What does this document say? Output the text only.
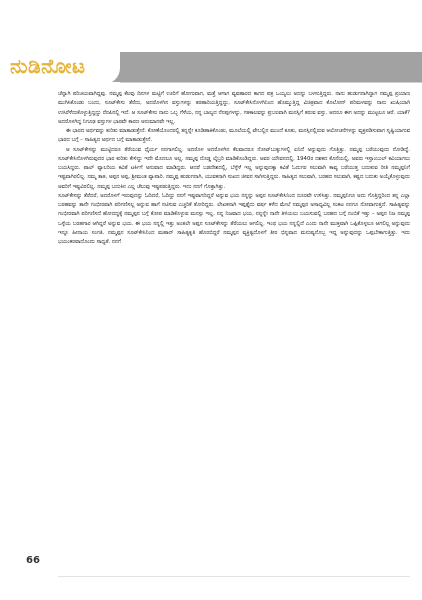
ನುಡಿನೋಟ

ಚೆನ್ನಾಗಿ ಪರಿಚಯವಾಗಿದ್ದವು. ನಮ್ಮಪ್ಪ ಕೆಲವು ದಿನಗಳ ಮಟ್ಟಿಗೆ ಊರಿಗೆ ಹೋಗುವಾಗ, ಮತ್ತೆ ಆಗಾಗ ವ್ಯವಹಾರದ ಕಾಗದ ಪತ್ರ ಒಯ್ಯಲು ಅದನ್ನು ಬಳಸುತ್ತಿದ್ದರು. ನಾನು ಹುಡುಗನಾಗಿದ್ದಾಗ ನಮ್ಮಪ್ಪ ಪ್ರಯಾಣ ಮುಗಿಸಿಕೊಂಡು ಬಂದು, ಸೂಟ್‌ಕೇಸು ತೆರೆದು, ಅದರೊಳಗಿನ ವಸ್ತುಗಳನ್ನು ತರಹಾರಿಯತ್ತಿದ್ದದ್ದು, ಸೂಟ್‌ಕೇಸಿನೊಳಗಿನಿಂದ ಹೊಮ್ಮುತ್ತಿದ್ದ ವಿಚಿತ್ರವಾದ ಕೊಲೋನ್ ಪರಿಮಳವನ್ನು ನಾನು ಖುಷಿಯಾಗಿ ಉಸಿರೆಳೆದುಕೊಳ್ಳುತ್ತಿದ್ದದ್ದು ನೆನಪಿನಲ್ಲಿ ಇದೆ. ಆ ಸೂಟ್‌ಕೇಸು ನಾನು ಒಬ್ಬ ಗೆಳೆಯ, ನನ್ನ ಬಾಲ್ಯದ ನೆನಪುಗಳನ್ನು, ಗತಕಾಲವನ್ನು ಪ್ರಬಲವಾಗಿ ಮನಸ್ಸಿಗೆ ತರುವ ವಸ್ತು. ಆದರೂ ಈಗ ಅದನ್ನು ಮುಟ್ಟಲೂ ಆರೆ. ಯಾಕೆ? ಅದರೊಳಗಿದ್ದ ನಿಗೂಢ ವಸ್ತುಗಳ ಭಾರವೇ ಕಾರಣ ಅನುಮಾನವೇ ಇಲ್ಲ.

ಈ ಭಾರದ ಅರ್ಥವನ್ನು ಕುರಿತು ಮಾತಾಡುತ್ತೇನೆ. ಕೋಣೆಯೊಂದರಲ್ಲಿ ತನ್ನನ್ನೇ ಕೂಡಿಹಾಕಿಕೊಂಡು, ಮೂಲೆಯಲ್ಲಿ ಟೇಬಲ್ಲಿನ ಮುಂದೆ ಕೂತು, ಮನಸ್ಸಿನಲ್ಲಿರುವ ಆಲೋಚನೆಗಳನ್ನು ವ್ಯಕ್ತಪಡಿಸುವಾಗ ಸೃಷ್ಟಿಯಾಗುವ ಭಾರದ ಬಗ್ಗೆ – ಸಾಹಿತ್ಯದ ಅರ್ಥದ ಬಗ್ಗೆ ಮಾತಾಡುತ್ತೇನೆ.

ಆ ಸೂಟ್‌ಕೇಸನ್ನು ಮುಟ್ಟಿದರೂ ತೆರೆಯುವ ಧೈರ್ಯ ನನಗಾಗಲಿಲ್ಲ. ಅದರೊಳ ಅದರೊಳಗಿನ ಕೆಲವಾದರೂ ನೋಟ್‌ಬುಕ್ಕುಗಳಲ್ಲಿ ಏನಿದೆ ಅನ್ನುವುದು ಗೊತ್ತಿತ್ತು. ನಮ್ಮಪ್ಪ ಬರೆಯುವುದು ನೋಡಿದ್ದೆ. ಸೂಟ್‌ಕೇಸಿನೊಳಗಿರುವುದರ ಭಾರ ಕುರಿತು ಕೇಳಿದ್ದು ಇದೇ ಮೊದಲೂ ಅಲ್ಲ. ನಮ್ಮಪ್ಪ ದೊಡ್ಡ ಲೈಬ್ರರಿ ಮಾಡಿಕೊಂಡಿದ್ದರು. ಅವರ ಯೌವನದಲ್ಲಿ, 1940ರ ದಶಕದ ಕೊನೆಯಲ್ಲಿ, ಅವರು ಇಸ್ತಾಂಬುಲ್ ಕವಿಯಾಗಲು ಬಯಸಿದ್ದರು. ಪಾಲ್ ವ್ಯಾಲರಿಯ ಕವಿತೆ ಟರ್ಕಿಗೆ ಅನುವಾದ ಮಾಡಿದ್ದರು. ಆದರೆ ಬಡದೇಶದಲ್ಲಿ, ಬೆಳ್ಳೆಳೆ ಇಲ್ಲ ಅನ್ನುವುದಕ್ಕಾ ಕವಿತೆ ಓದುಗರ ಸಲುವಾಗಿ ಕಾವ್ಯ ಬರೆಯುತ್ತ ಬದುಕುವ ರೀತಿ ನಮ್ಮಪ್ಪನಿಗೆ ಇಷ್ಟವಾಗಿರಲಿಲ್ಲ. ನಮ್ಮ ತಾತ, ಅಪ್ಪನ ಅಪ್ಪ, ಶ್ರೀಮಂತ ವ್ಯಾಪಾರಿ. ನಮ್ಮಪ್ಪ ಹುಡುಗನಾಗಿ, ಯುವಕನಾಗಿ ಸುಖದ ಜೀವನ ಸಾಗಿಸುತ್ತಿದ್ದರು. ಸಾಹಿತ್ಯದ ಸಲುವಾಗಿ, ಬರಹದ ಸಲುವಾಗಿ, ಕಷ್ಟದ ಬದುಕು ಅಯ್ಕೆಕೊಳ್ಳುವುದು ಅವರಿಗೆ ಇಷ್ಟವಿರಲಿಲ್ಲ. ನಮ್ಮಪ್ಪ ಬದುಕಿನ ಎಲ್ಲ ಚೆಲುವು ಇಷ್ಟಪಡುತ್ತಿದ್ದರು. ಇದು ನನಗೆ ಗೊತ್ತಾಗಿತ್ತು.

ಸೂಟ್‌ಕೇಸನ್ನು ತೆರೆದರೆ, ಅದರೊಳಗೆ ಇರುವುದನ್ನು ಓದಿದರೆ, ಓದಿದ್ದು ನನಗೆ ಇಷ್ಟವಾಗದಿದ್ದರೆ ಅನ್ನುವ ಭಯ ನನ್ನನ್ನು ಅಪ್ಪನ ಸೂಟ್‌ಕೇಸಿನಿಂದ ದೂರವೇ ಉಳಿಸಿತ್ತು. ನಮ್ಮಪ್ಪನಿಗೂ ಅದು ಗೊತ್ತಿದ್ದರಿಂದ ತನ್ನ ಎಲ್ಲಾ ಬರಹವನ್ನು ತಾನೇ ಗಂಭೀರವಾಗಿ ಪರಿಗಣಿಸಲ್ಲ ಅನ್ನುವ ಹಾಗೆ ನಟಿಸುವ ಎಚ್ಚರಿಕೆ ತೋರಿದ್ದರು. ಲೇಖಕನಾಗಿ ಇಪ್ಪತ್ತೈದು ವರ್ಷ ಕಳೆದ ಮೇಲೆ ನಮ್ಮಪ್ಪನ ಅಸಾಧ್ಯವಿಲ್ಲ ಸಂಕಟ ನನಗೂ ನೋವಾಗುತ್ತದೆ. ಸಾಹಿತ್ಯವನ್ನು ಗಂಭೀರವಾಗಿ ಪರಿಗಣಿಸದೆ ಹೋದದ್ದಕ್ಕೆ ನಮ್ಮಪ್ಪನ ಬಗ್ಗೆ ಕೋಪ ಮಾಡಿಕೊಳ್ಳುವ ಮನಸ್ಸು ಇಲ್ಲ. ನನ್ನ ನಿಜವಾದ ಭಯ, ನನ್ನನ್ನೇ ನಾನೇ ತಿಳಿಯಲು ಬಯಸುವಲ್ಲಿ ಬರಹದ ಬಗ್ಗೆ ನಂಬಿಕೆ ಇತ್ತು – ಅಪ್ಪನ ನಿಜ ನಮ್ಮಪ್ಪ ಒಳ್ಳೆಯ ಬರಹಗಾರ ಆಗಿದ್ದರೆ ಅನ್ನುವ ಭಯ. ಈ ಭಯ ನನ್ನಲ್ಲಿ ಇತ್ತು ಅಂತಲೇ ಅಪ್ಪನ ಸೂಟ್‌ಕೇಸನ್ನು ತೆರೆಯಲು ಆಗಲಿಲ್ಲ. ಇಂಥ ಭಯ ನನ್ನಲ್ಲಿದೆ ಎಂದು ನಾನೇ ಮುಕ್ತವಾಗಿ ಒಪ್ಪಿಕೊಳ್ಳಲೂ ಆಗಲಿಲ್ಲ ಅನ್ನುವುದು ಇನ್ನೂ ಹೀನಾಯ ಸಂಗತಿ. ನಮ್ಮಪ್ಪನ ಸೂಟ್‌ಕೇಸಿನಿಂದ ಮಹಾನ್ ಸಾಹಿತ್ಯಕೃತಿ ಹೊರಬಿದ್ದರೆ ನಮ್ಮಪ್ಪನ ವ್ಯಕ್ತಿತ್ವದೊಳಗೆ ತೀರ ಭಿನ್ನವಾದ ಮನುಷ್ಯನೊಬ್ಬ ಇದ್ದ ಅನ್ನುವುದನ್ನು ಒಪ್ಪಬೇಕಾಗುತ್ತಿತ್ತು. ಇದು ಭಯಂಕರವಾದೊಂದು ಸಾಧ್ಯತೆ. ನನಗೆ

66
